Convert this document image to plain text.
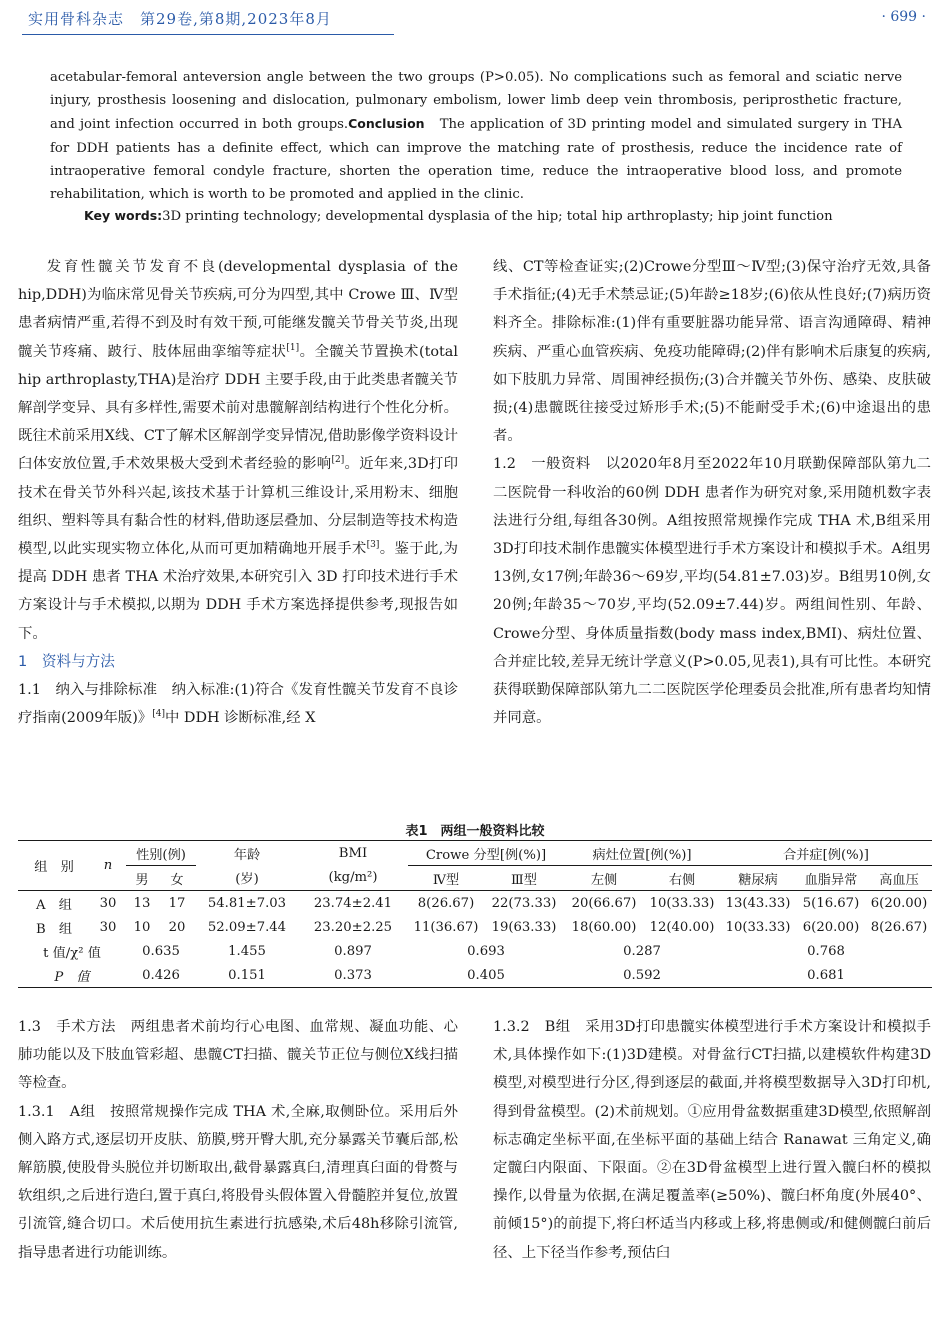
实用骨科杂志　第29卷,第8期,2023年8月	· 699 ·
acetabular-femoral anteversion angle between the two groups (P>0.05). No complications such as femoral and sciatic nerve injury, prosthesis loosening and dislocation, pulmonary embolism, lower limb deep vein thrombosis, periprosthetic fracture, and joint infection occurred in both groups.Conclusion　 The application of 3D printing model and simulated surgery in THA for DDH patients has a definite effect, which can improve the matching rate of prosthesis, reduce the incidence rate of intraoperative femoral condyle fracture, shorten the operation time, reduce the intraoperative blood loss, and promote rehabilitation, which is worth to be promoted and applied in the clinic.
Key words:3D printing technology; developmental dysplasia of the hip; total hip arthroplasty; hip joint function

发育性髋关节发育不良(developmental dysplasia of the hip,DDH)为临床常见骨关节疾病,可分为四型,其中 Crowe Ⅲ、Ⅳ型患者病情严重,若得不到及时有效干预,可能继发髋关节骨关节炎,出现髋关节疼痛、跛行、肢体屈曲挛缩等症状[1]。全髋关节置换术(total hip arthroplasty,THA)是治疗 DDH 主要手段,由于此类患者髋关节解剖学变异、具有多样性,需要术前对患髋解剖结构进行个性化分析。既往术前采用X线、CT了解术区解剖学变异情况,借助影像学资料设计臼体安放位置,手术效果极大受到术者经验的影响[2]。近年来,3D打印技术在骨关节外科兴起,该技术基于计算机三维设计,采用粉末、细胞组织、塑料等具有黏合性的材料,借助逐层叠加、分层制造等技术构造模型,以此实现实物立体化,从而可更加精确地开展手术[3]。鉴于此,为提高 DDH 患者 THA 术治疗效果,本研究引入 3D 打印技术进行手术方案设计与手术模拟,以期为 DDH 手术方案选择提供参考,现报告如下。

1　资料与方法

1.1　纳入与排除标准　纳入标准:(1)符合《发育性髋关节发育不良诊疗指南(2009年版)》[4]中 DDH 诊断标准,经 X

线、CT等检查证实;(2)Crowe分型Ⅲ～Ⅳ型;(3)保守治疗无效,具备手术指征;(4)无手术禁忌证;(5)年龄≥18岁;(6)依从性良好;(7)病历资料齐全。排除标准:(1)伴有重要脏器功能异常、语言沟通障碍、精神疾病、严重心血管疾病、免疫功能障碍;(2)伴有影响术后康复的疾病,如下肢肌力异常、周围神经损伤;(3)合并髋关节外伤、感染、皮肤破损;(4)患髋既往接受过矫形手术;(5)不能耐受手术;(6)中途退出的患者。

1.2　一般资料　以2020年8月至2022年10月联勤保障部队第九二二医院骨一科收治的60例 DDH 患者作为研究对象,采用随机数字表法进行分组,每组各30例。A组按照常规操作完成 THA 术,B组采用3D打印技术制作患髋实体模型进行手术方案设计和模拟手术。A组男13例,女17例;年龄36～69岁,平均(54.81±7.03)岁。B组男10例,女20例;年龄35～70岁,平均(52.09±7.44)岁。两组间性别、年龄、Crowe分型、身体质量指数(body mass index,BMI)、病灶位置、合并症比较,差异无统计学意义(P>0.05,见表1),具有可比性。本研究获得联勤保障部队第九二二医院医学伦理委员会批准,所有患者均知情并同意。

表1　两组一般资料比较
组　别	n	性别(例)		年龄	BMI	Crowe 分型[例(%)]		病灶位置[例(%)]		合并症[例(%)]		
		男	女	(岁)	(kg/m²)	Ⅳ型	Ⅲ型	左侧	右侧	糖尿病	血脂异常	高血压
A　组	30	13	17	54.81±7.03	23.74±2.41	8(26.67)	22(73.33)	20(66.67)	10(33.33)	13(43.33)	5(16.67)	6(20.00)
B　组	30	10	20	52.09±7.44	23.20±2.25	11(36.67)	19(63.33)	18(60.00)	12(40.00)	10(33.33)	6(20.00)	8(26.67)
t 值/χ² 值		0.635		1.455	0.897	0.693		0.287		0.768		
P　值		0.426		0.151	0.373	0.405		0.592		0.681		

1.3　手术方法　两组患者术前均行心电图、血常规、凝血功能、心肺功能以及下肢血管彩超、患髋CT扫描、髋关节正位与侧位X线扫描等检查。

1.3.1　A组　按照常规操作完成 THA 术,全麻,取侧卧位。采用后外侧入路方式,逐层切开皮肤、筋膜,劈开臀大肌,充分暴露关节囊后部,松解筋膜,使股骨头脱位并切断取出,截骨暴露真臼,清理真臼面的骨赘与软组织,之后进行造臼,置于真臼,将股骨头假体置入骨髓腔并复位,放置引流管,缝合切口。术后使用抗生素进行抗感染,术后48h移除引流管,指导患者进行功能训练。

1.3.2　B组　采用3D打印患髋实体模型进行手术方案设计和模拟手术,具体操作如下:(1)3D建模。对骨盆行CT扫描,以建模软件构建3D模型,对模型进行分区,得到逐层的截面,并将模型数据导入3D打印机,得到骨盆模型。(2)术前规划。①应用骨盆数据重建3D模型,依照解剖标志确定坐标平面,在坐标平面的基础上结合 Ranawat 三角定义,确定髋臼内限面、下限面。②在3D骨盆模型上进行置入髋臼杯的模拟操作,以骨量为依据,在满足覆盖率(≥50%)、髋臼杯角度(外展40°、前倾15°)的前提下,将臼杯适当内移或上移,将患侧或/和健侧髋臼前后径、上下径当作参考,预估臼
